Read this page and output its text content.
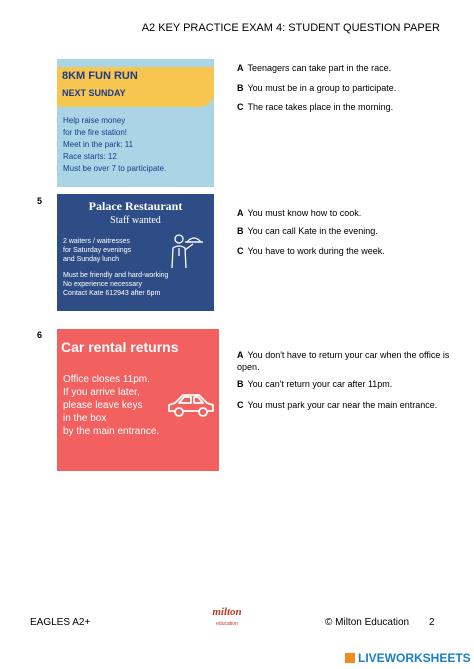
A2 KEY PRACTICE EXAM 4: STUDENT QUESTION PAPER
8KM FUN RUN
NEXT SUNDAY
Help raise money
for the fire station!
Meet in the park: 11
Race starts: 12
Must be over 7 to participate.
A Teenagers can take part in the race.
B You must be in a group to participate.
C The race takes place in the morning.
5	Palace Restaurant
Staff wanted
2 waiters / waitresses
for Saturday evenings
and Sunday lunch
Must be friendly and hard-working
No experience necessary
Contact Kate 612943 after 6pm
A You must know how to cook.
B You can call Kate in the evening.
C You have to work during the week.
6
Car rental returns
Office closes 11pm.
If you arrive later,
please leave keys
in the box
by the main entrance.
A You don't have to return your car when the office is open.
B You can't return your car after 11pm.
C You must park your car near the main entrance.
EAGLES A2+
milton
education	© Milton Education 2
LIVEWORKSHEETS
